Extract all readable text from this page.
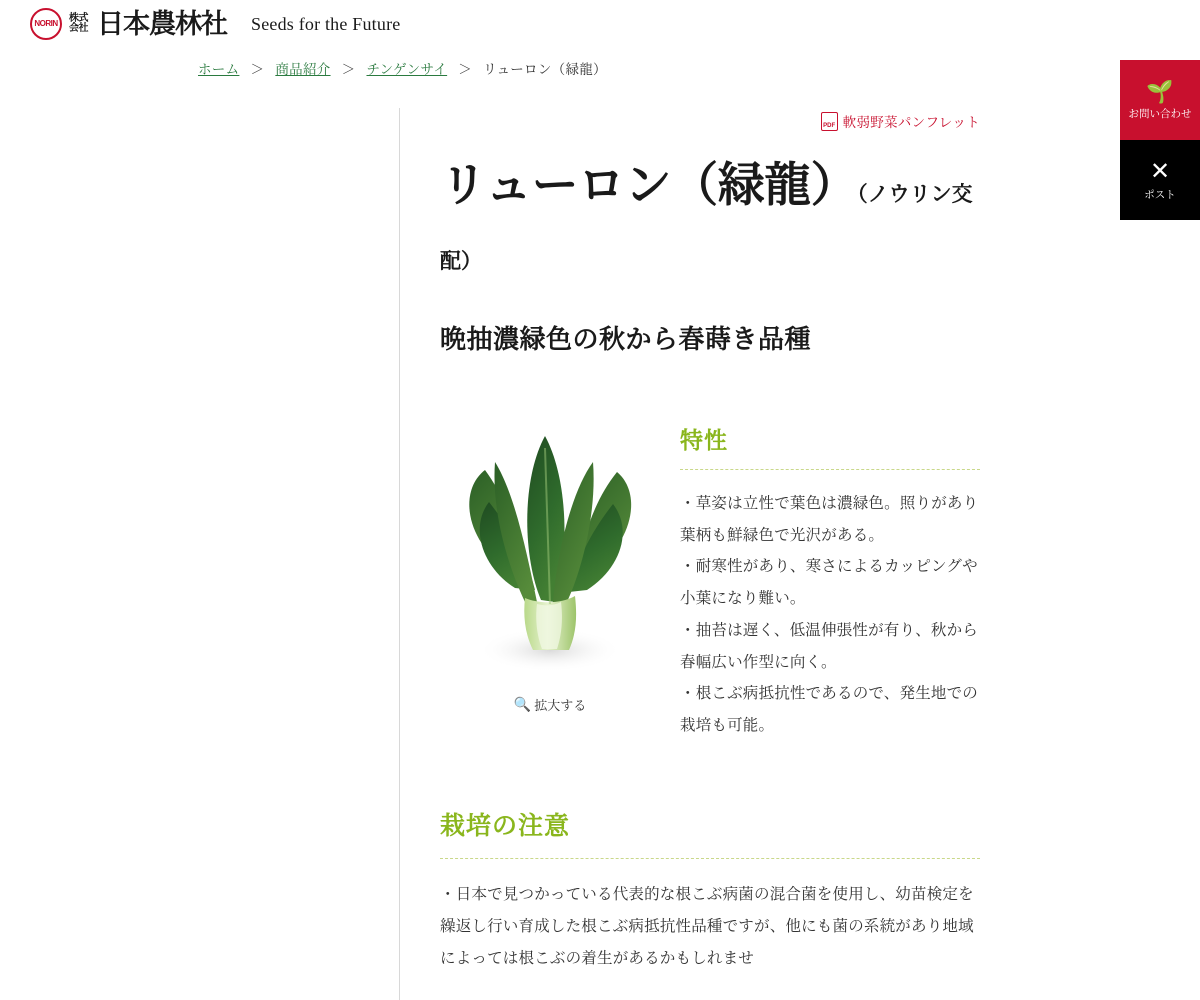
NORIN 株式会社 日本農林社 Seeds for the Future
ホーム ＞ 商品紹介 ＞ チンゲンサイ ＞ リューロン（緑龍）
🌱
お問い合わせ
✕
ポスト
PDF 軟弱野菜パンフレット
リューロン（緑龍）（ノウリン交配）
晩抽濃緑色の秋から春蒔き品種
🔍 拡大する
特性

・草姿は立性で葉色は濃緑色。照りがあり葉柄も鮮緑色で光沢がある。

・耐寒性があり、寒さによるカッピングや小葉になり難い。

・抽苔は遅く、低温伸張性が有り、秋から春幅広い作型に向く。

・根こぶ病抵抗性であるので、発生地での栽培も可能。

栽培の注意

・日本で見つかっている代表的な根こぶ病菌の混合菌を使用し、幼苗検定を繰返し行い育成した根こぶ病抵抗性品種ですが、他にも菌の系統があり地域によっては根こぶの着生があるかもしれませ
